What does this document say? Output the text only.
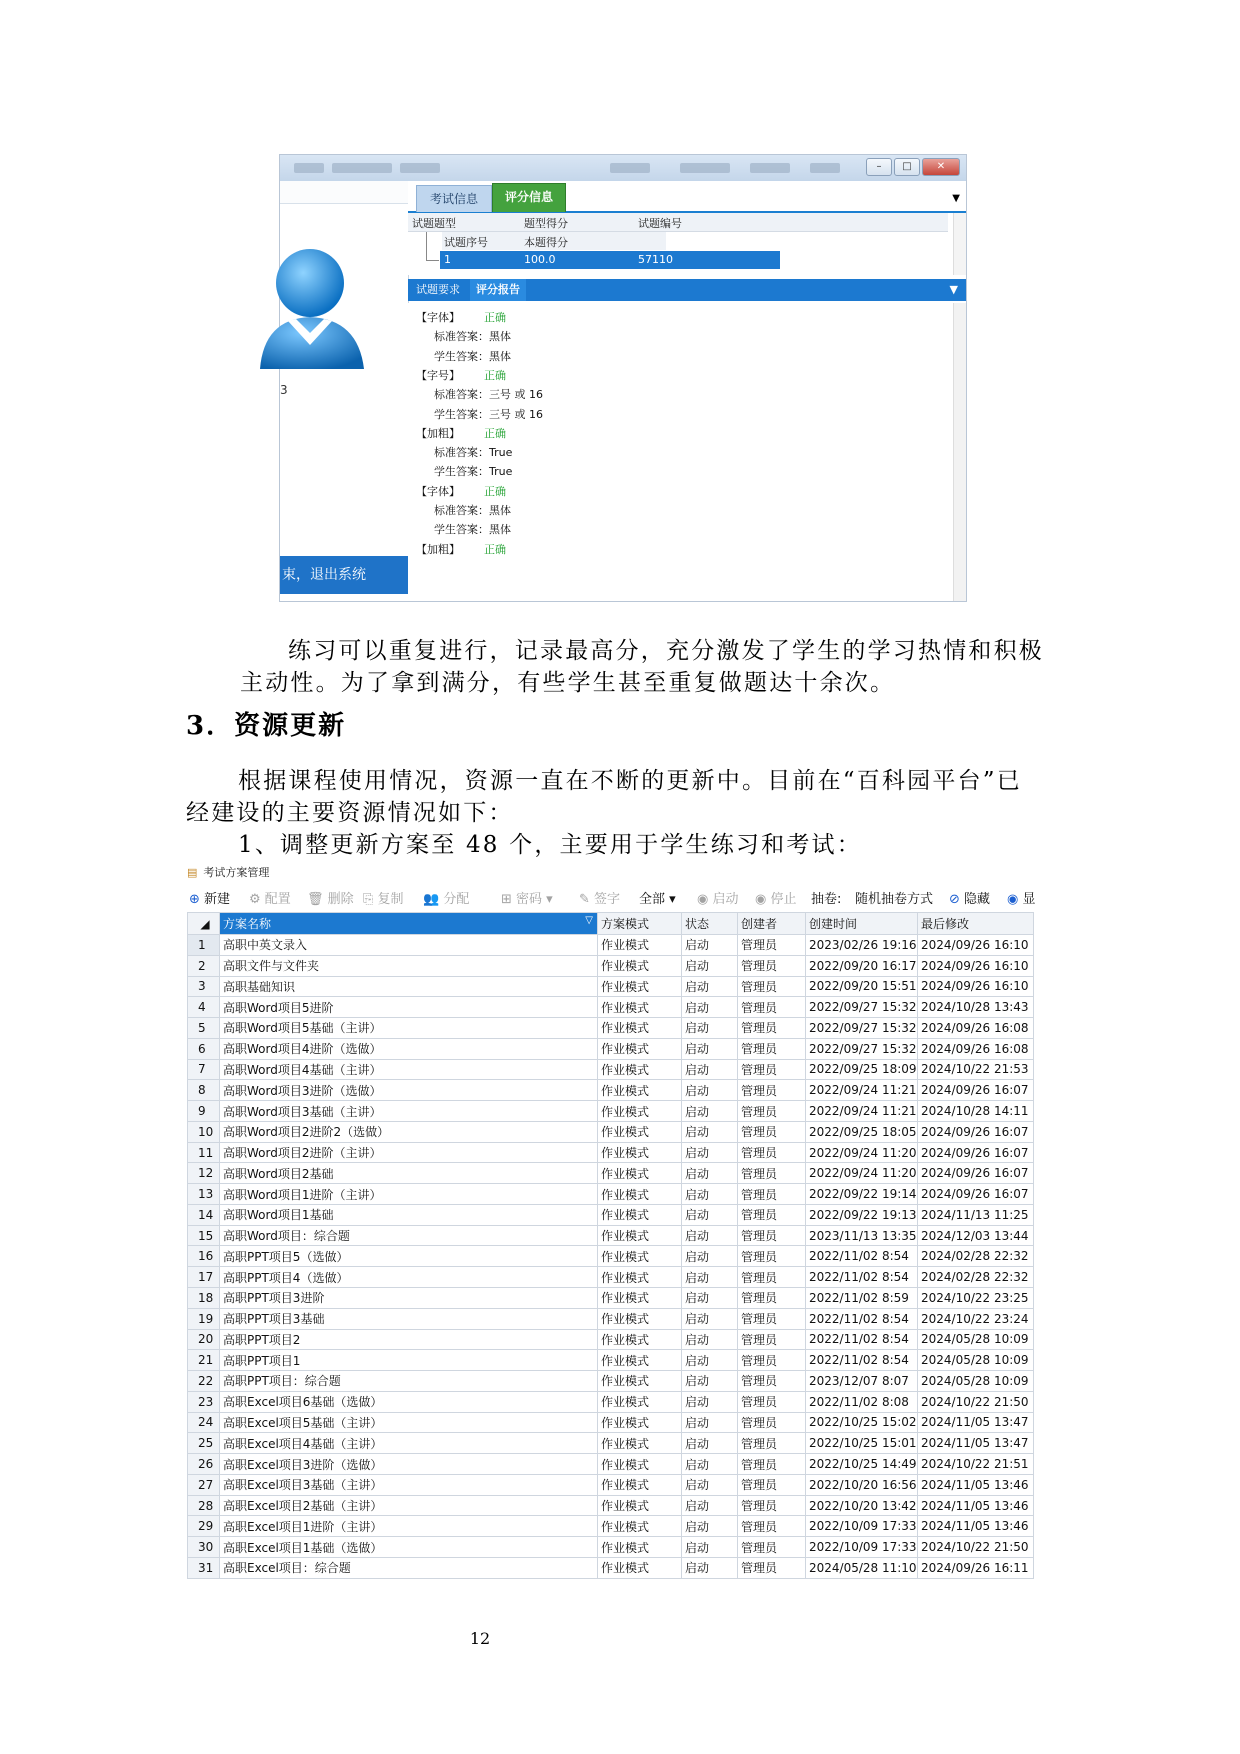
–	□	✕
3
束，退出系统
考试信息	评分信息	▼
试题题型	题型得分	试题编号
试题序号	本题得分
1	100.0	57110
试题要求	评分报告	▼
【字体】 正确
标准答案：黑体
学生答案：黑体
【字号】 正确
标准答案：三号 或 16
学生答案：三号 或 16
【加粗】 正确
标准答案：True
学生答案：True
【字体】 正确
标准答案：黑体
学生答案：黑体
【加粗】 正确
练习可以重复进行，记录最高分，充分激发了学生的学习热情和积极
主动性。为了拿到满分，有些学生甚至重复做题达十余次。
3．资源更新
根据课程使用情况，资源一直在不断的更新中。目前在“百科园平台”已
经建设的主要资源情况如下：
1、调整更新方案至 48 个，主要用于学生练习和考试：
▤ 考试方案管理
⊕ 新建 ⚙ 配置 🗑 删除 ⎘ 复制 👥 分配 ⊞ 密码 ▾ ✎ 签字 全部 ▾ ◉ 启动 ◉ 停止 抽卷: 随机抽卷方式 ⊘ 隐藏 ◉ 显
◢	方案名称 ▽	方案模式	状态	创建者	创建时间	最后修改
1	高职中英文录入	作业模式	启动	管理员	2023/02/26 19:16	2024/09/26 16:10
2	高职文件与文件夹	作业模式	启动	管理员	2022/09/20 16:17	2024/09/26 16:10
3	高职基础知识	作业模式	启动	管理员	2022/09/20 15:51	2024/09/26 16:10
4	高职Word项目5进阶	作业模式	启动	管理员	2022/09/27 15:32	2024/10/28 13:43
5	高职Word项目5基础（主讲）	作业模式	启动	管理员	2022/09/27 15:32	2024/09/26 16:08
6	高职Word项目4进阶（选做）	作业模式	启动	管理员	2022/09/27 15:32	2024/09/26 16:08
7	高职Word项目4基础（主讲）	作业模式	启动	管理员	2022/09/25 18:09	2024/10/22 21:53
8	高职Word项目3进阶（选做）	作业模式	启动	管理员	2022/09/24 11:21	2024/09/26 16:07
9	高职Word项目3基础（主讲）	作业模式	启动	管理员	2022/09/24 11:21	2024/10/28 14:11
10	高职Word项目2进阶2（选做）	作业模式	启动	管理员	2022/09/25 18:05	2024/09/26 16:07
11	高职Word项目2进阶（主讲）	作业模式	启动	管理员	2022/09/24 11:20	2024/09/26 16:07
12	高职Word项目2基础	作业模式	启动	管理员	2022/09/24 11:20	2024/09/26 16:07
13	高职Word项目1进阶（主讲）	作业模式	启动	管理员	2022/09/22 19:14	2024/09/26 16:07
14	高职Word项目1基础	作业模式	启动	管理员	2022/09/22 19:13	2024/11/13 11:25
15	高职Word项目：综合题	作业模式	启动	管理员	2023/11/13 13:35	2024/12/03 13:44
16	高职PPT项目5（选做）	作业模式	启动	管理员	2022/11/02 8:54	2024/02/28 22:32
17	高职PPT项目4（选做）	作业模式	启动	管理员	2022/11/02 8:54	2024/02/28 22:32
18	高职PPT项目3进阶	作业模式	启动	管理员	2022/11/02 8:59	2024/10/22 23:25
19	高职PPT项目3基础	作业模式	启动	管理员	2022/11/02 8:54	2024/10/22 23:24
20	高职PPT项目2	作业模式	启动	管理员	2022/11/02 8:54	2024/05/28 10:09
21	高职PPT项目1	作业模式	启动	管理员	2022/11/02 8:54	2024/05/28 10:09
22	高职PPT项目：综合题	作业模式	启动	管理员	2023/12/07 8:07	2024/05/28 10:09
23	高职Excel项目6基础（选做）	作业模式	启动	管理员	2022/11/02 8:08	2024/10/22 21:50
24	高职Excel项目5基础（主讲）	作业模式	启动	管理员	2022/10/25 15:02	2024/11/05 13:47
25	高职Excel项目4基础（主讲）	作业模式	启动	管理员	2022/10/25 15:01	2024/11/05 13:47
26	高职Excel项目3进阶（选做）	作业模式	启动	管理员	2022/10/25 14:49	2024/10/22 21:51
27	高职Excel项目3基础（主讲）	作业模式	启动	管理员	2022/10/20 16:56	2024/11/05 13:46
28	高职Excel项目2基础（主讲）	作业模式	启动	管理员	2022/10/20 13:42	2024/11/05 13:46
29	高职Excel项目1进阶（主讲）	作业模式	启动	管理员	2022/10/09 17:33	2024/11/05 13:46
30	高职Excel项目1基础（选做）	作业模式	启动	管理员	2022/10/09 17:33	2024/10/22 21:50
31	高职Excel项目：综合题	作业模式	启动	管理员	2024/05/28 11:10	2024/09/26 16:11
12
